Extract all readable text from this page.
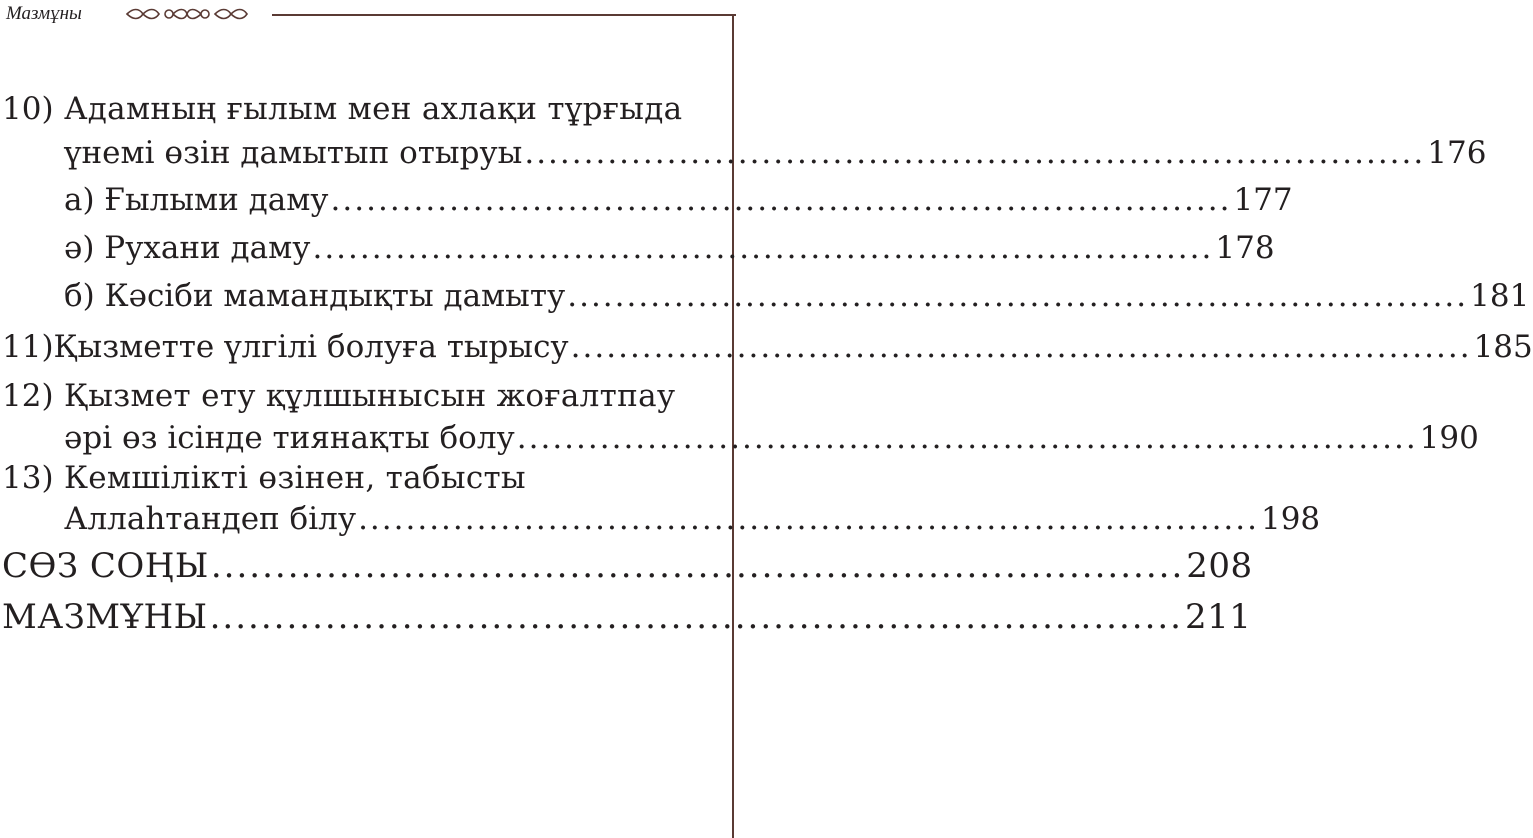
Мазмұны
10) Адамның ғылым мен ахлақи тұрғыда
үнемі өзін дамытып отыруы ............................................................................ 176
а) Ғылыми даму ............................................................................ 177
ә) Рухани даму ............................................................................ 178
б) Кәсіби мамандықты дамыту ............................................................................ 181
11) Қызметте үлгілі болуға тырысу ............................................................................ 185
12) Қызмет ету құлшынысын жоғалтпау
әрі өз ісінде тиянақты болу ............................................................................ 190
13) Кемшілікті өзінен, табысты
Аллаһтандеп білу ............................................................................ 198
СӨЗ СОҢЫ ............................................................................ 208
МАЗМҰНЫ ............................................................................ 211
